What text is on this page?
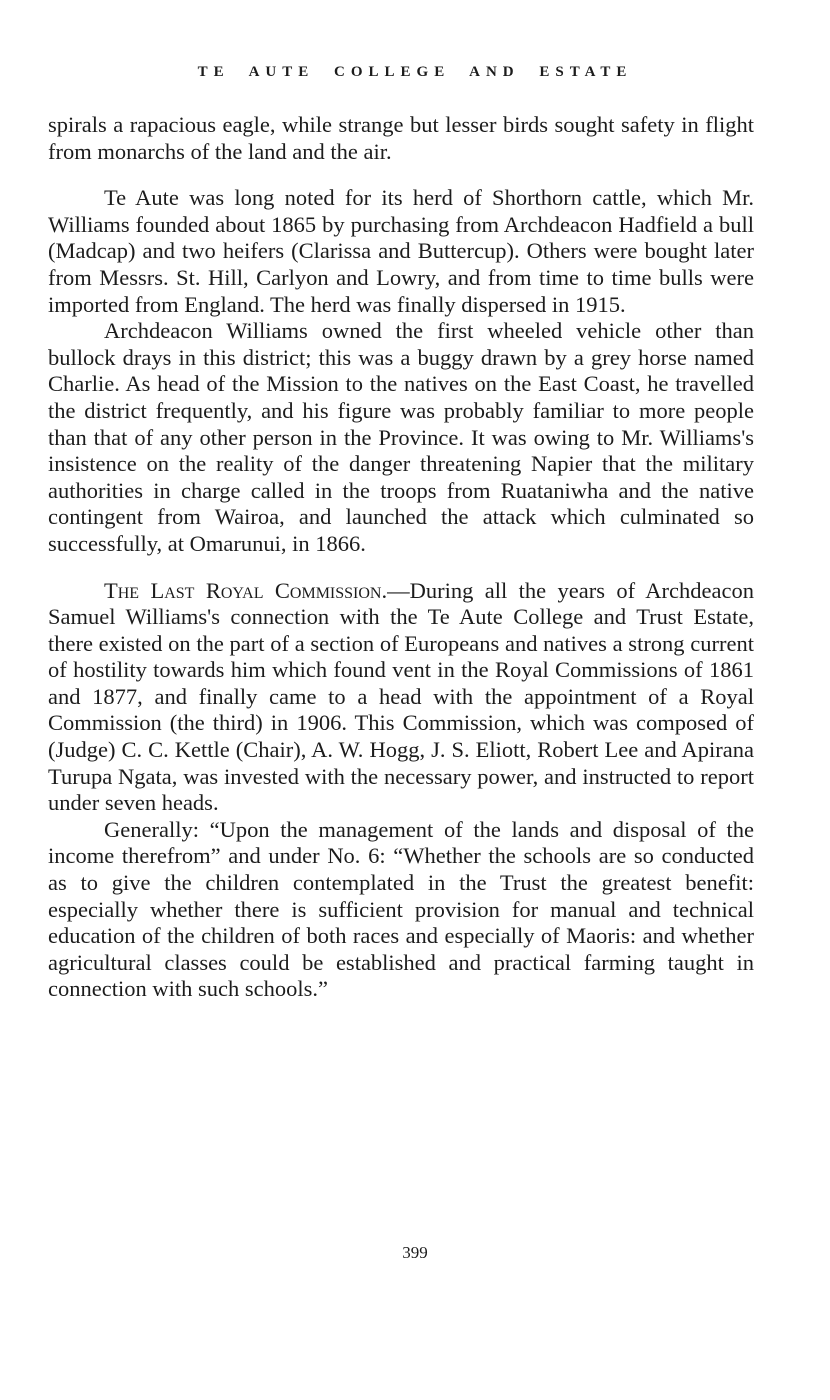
TE AUTE COLLEGE AND ESTATE

spirals a rapacious eagle, while strange but lesser birds sought safety in flight from monarchs of the land and the air.

Te Aute was long noted for its herd of Shorthorn cattle, which Mr. Williams founded about 1865 by purchasing from Archdeacon Hadfield a bull (Madcap) and two heifers (Clarissa and Buttercup). Others were bought later from Messrs. St. Hill, Carlyon and Lowry, and from time to time bulls were imported from England. The herd was finally dispersed in 1915.

Archdeacon Williams owned the first wheeled vehicle other than bullock drays in this district; this was a buggy drawn by a grey horse named Charlie. As head of the Mission to the natives on the East Coast, he travelled the district frequently, and his figure was probably familiar to more people than that of any other person in the Province. It was owing to Mr. Williams's insistence on the reality of the danger threatening Napier that the military authorities in charge called in the troops from Ruataniwha and the native contingent from Wairoa, and launched the attack which culminated so successfully, at Omarunui, in 1866.

The Last Royal Commission.—During all the years of Archdeacon Samuel Williams's connection with the Te Aute College and Trust Estate, there existed on the part of a section of Europeans and natives a strong current of hostility towards him which found vent in the Royal Commissions of 1861 and 1877, and finally came to a head with the appointment of a Royal Commission (the third) in 1906. This Commission, which was composed of (Judge) C. C. Kettle (Chair), A. W. Hogg, J. S. Eliott, Robert Lee and Apirana Turupa Ngata, was invested with the necessary power, and instructed to report under seven heads.

Generally: “Upon the management of the lands and disposal of the income therefrom” and under No. 6: “Whether the schools are so conducted as to give the children contemplated in the Trust the greatest benefit: especially whether there is sufficient provision for manual and technical education of the children of both races and especially of Maoris: and whether agricultural classes could be established and practical farming taught in connection with such schools.”

399
